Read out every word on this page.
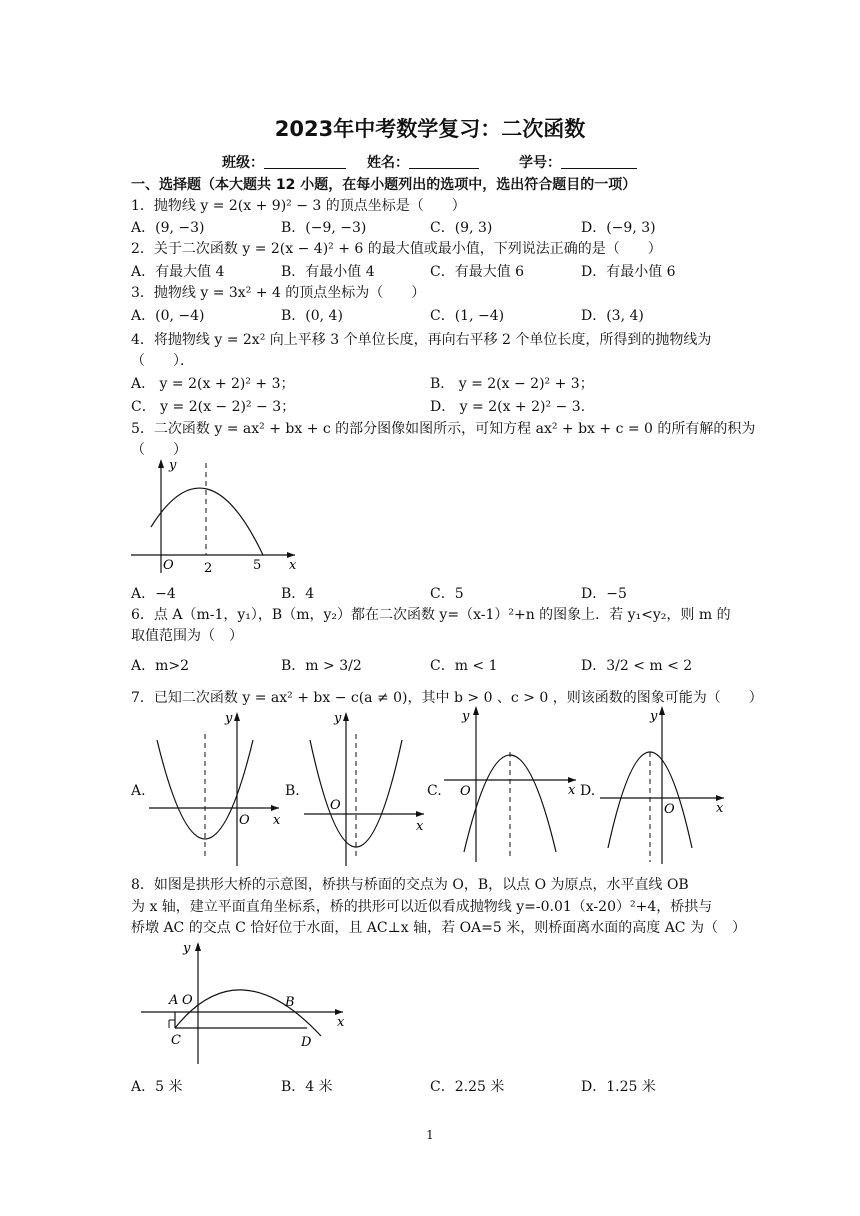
2023年中考数学复习：二次函数
班级：	姓名：	学号：
一、选择题（本大题共 12 小题，在每小题列出的选项中，选出符合题目的一项）
1．抛物线 y = 2(x + 9)² − 3 的顶点坐标是（　　）
A．(9, −3)	B．(−9, −3)	C．(9, 3)	D．(−9, 3)
2．关于二次函数 y = 2(x − 4)² + 6 的最大值或最小值，下列说法正确的是（　　）
A．有最大值 4	B．有最小值 4	C．有最大值 6	D．有最小值 6
3．抛物线 y = 3x² + 4 的顶点坐标为（　　）
A．(0, −4)	B．(0, 4)	C．(1, −4)	D．(3, 4)
4．将抛物线 y = 2x² 向上平移 3 个单位长度，再向右平移 2 个单位长度，所得到的抛物线为
（　　）．
A． y = 2(x + 2)² + 3；	B． y = 2(x − 2)² + 3；
C． y = 2(x − 2)² − 3；	D． y = 2(x + 2)² − 3.
5．二次函数 y = ax² + bx + c 的部分图像如图所示，可知方程 ax² + bx + c = 0 的所有解的积为
（　　）
y
x
O 2	5
A．−4	B．4	C．5	D．−5
6．点 A（m-1，y₁），B（m，y₂）都在二次函数 y=（x-1）²+n 的图象上．若 y₁<y₂，则 m 的
取值范围为（　）
A．m>2	B．m > 3/2	C．m < 1	D．3/2 < m < 2
7．已知二次函数 y = ax² + bx − c(a ≠ 0)，其中 b > 0 、c > 0 ，则该函数的图象可能为（　　）
A.
y
x
O
B.
y
x
O
C.
y
x
O	D.
y
x
O
8．如图是拱形大桥的示意图，桥拱与桥面的交点为 O，B，以点 O 为原点，水平直线 OB
为 x 轴，建立平面直角坐标系，桥的拱形可以近似看成抛物线 y=-0.01（x-20）²+4，桥拱与
桥墩 AC 的交点 C 恰好位于水面，且 AC⊥x 轴，若 OA=5 米，则桥面离水面的高度 AC 为（　）
y
x
O
A	B
C	D
A．5 米	B．4 米	C．2.25 米	D．1.25 米
1
